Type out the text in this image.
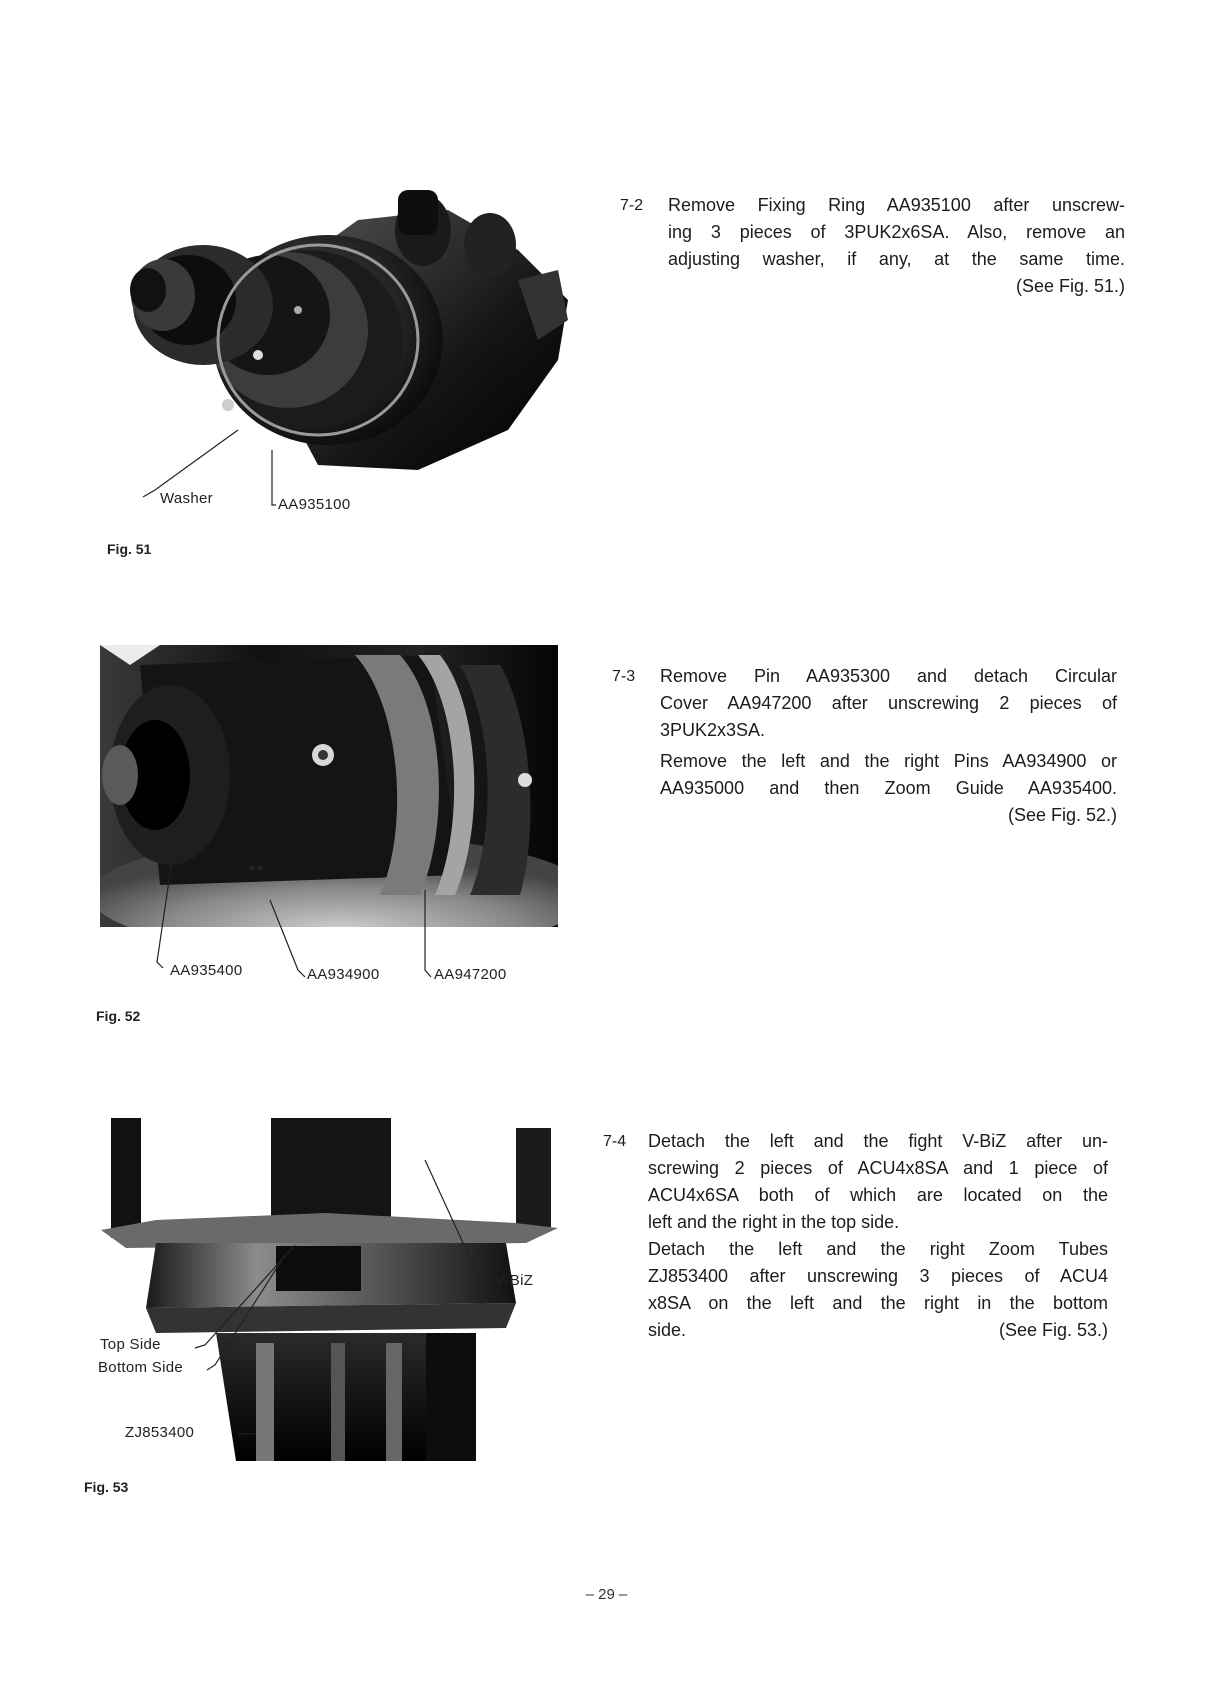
Washer	AA935100
Fig. 51
AA935400	AA934900	AA947200
Fig. 52
V-BiZ
Top Side
Bottom Side
ZJ853400
Fig. 53
7-2 Remove Fixing Ring AA935100 after unscrew-

ing 3 pieces of 3PUK2x6SA. Also, remove an

adjusting washer, if any, at the same time.

(See Fig. 51.)

7-3 Remove Pin AA935300 and detach Circular

Cover AA947200 after unscrewing 2 pieces of

3PUK2x3SA.

Remove the left and the right Pins AA934900 or

AA935000 and then Zoom Guide AA935400.

(See Fig. 52.)

7-4 Detach the left and the fight V-BiZ after un-

screwing 2 pieces of ACU4x8SA and 1 piece of

ACU4x6SA both of which are located on the

left and the right in the top side.

Detach the left and the right Zoom Tubes

ZJ853400 after unscrewing 3 pieces of ACU4

x8SA on the left and the right in the bottom

side.	(See Fig. 53.)

– 29 –
